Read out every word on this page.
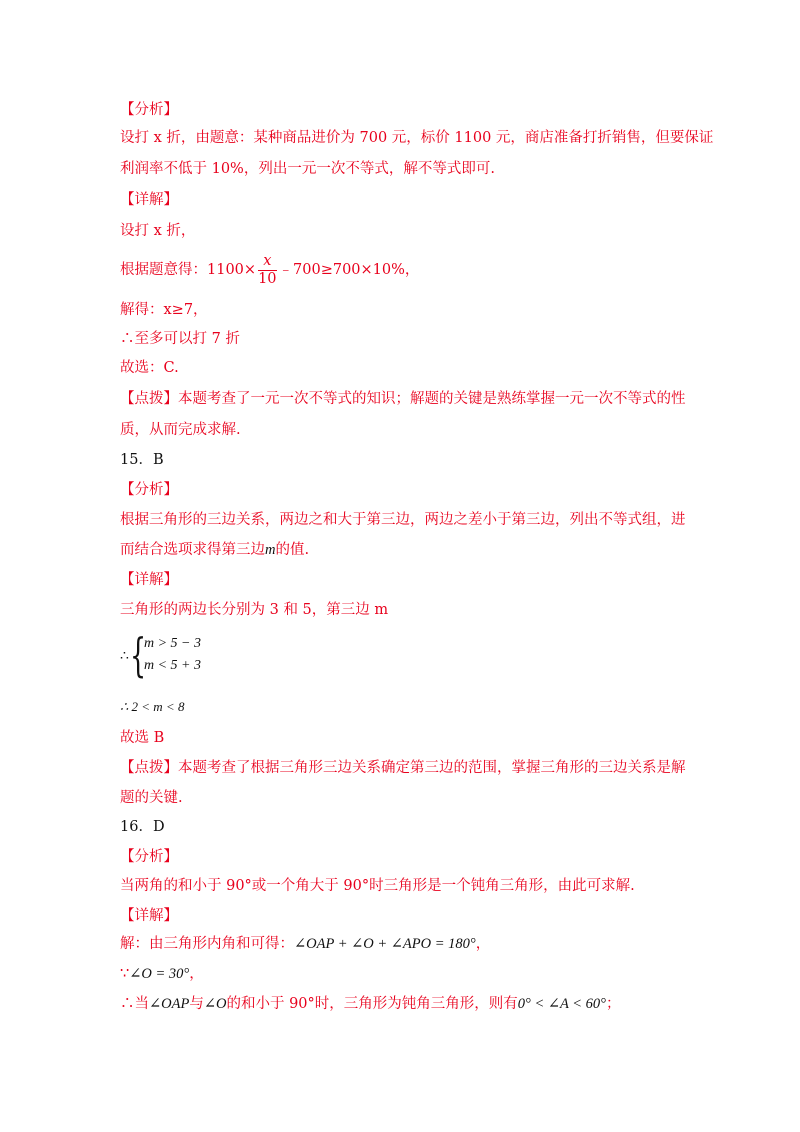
【分析】
设打 x 折，由题意：某种商品进价为 700 元，标价 1100 元，商店准备打折销售，但要保证
利润率不低于 10%，列出一元一次不等式，解不等式即可.
【详解】
设打 x 折，
根据题意得：$1100\times \frac{x}{10}$ ﹣700≥700×10%，
解得：x≥7，
∴至多可以打 7 折
故选：C.
【点拨】本题考查了一元一次不等式的知识；解题的关键是熟练掌握一元一次不等式的性
质，从而完成求解.
15．B
【分析】
根据三角形的三边关系，两边之和大于第三边，两边之差小于第三边，列出不等式组，进
而结合选项求得第三边m的值.
【详解】
三角形的两边长分别为 3 和 5，第三边 m
∴ {
m > 5 − 3
m < 5 + 3
∴ 2 < m < 8
故选 B
【点拨】本题考查了根据三角形三边关系确定第三边的范围，掌握三角形的三边关系是解
题的关键.
16．D
【分析】
当两角的和小于 90°或一个角大于 90°时三角形是一个钝角三角形，由此可求解.
【详解】
解：由三角形内角和可得：∠OAP + ∠O + ∠APO = 180°，
∵∠O = 30°，
∴当∠OAP与∠O的和小于 90°时，三角形为钝角三角形，则有0° < ∠A < 60°；
